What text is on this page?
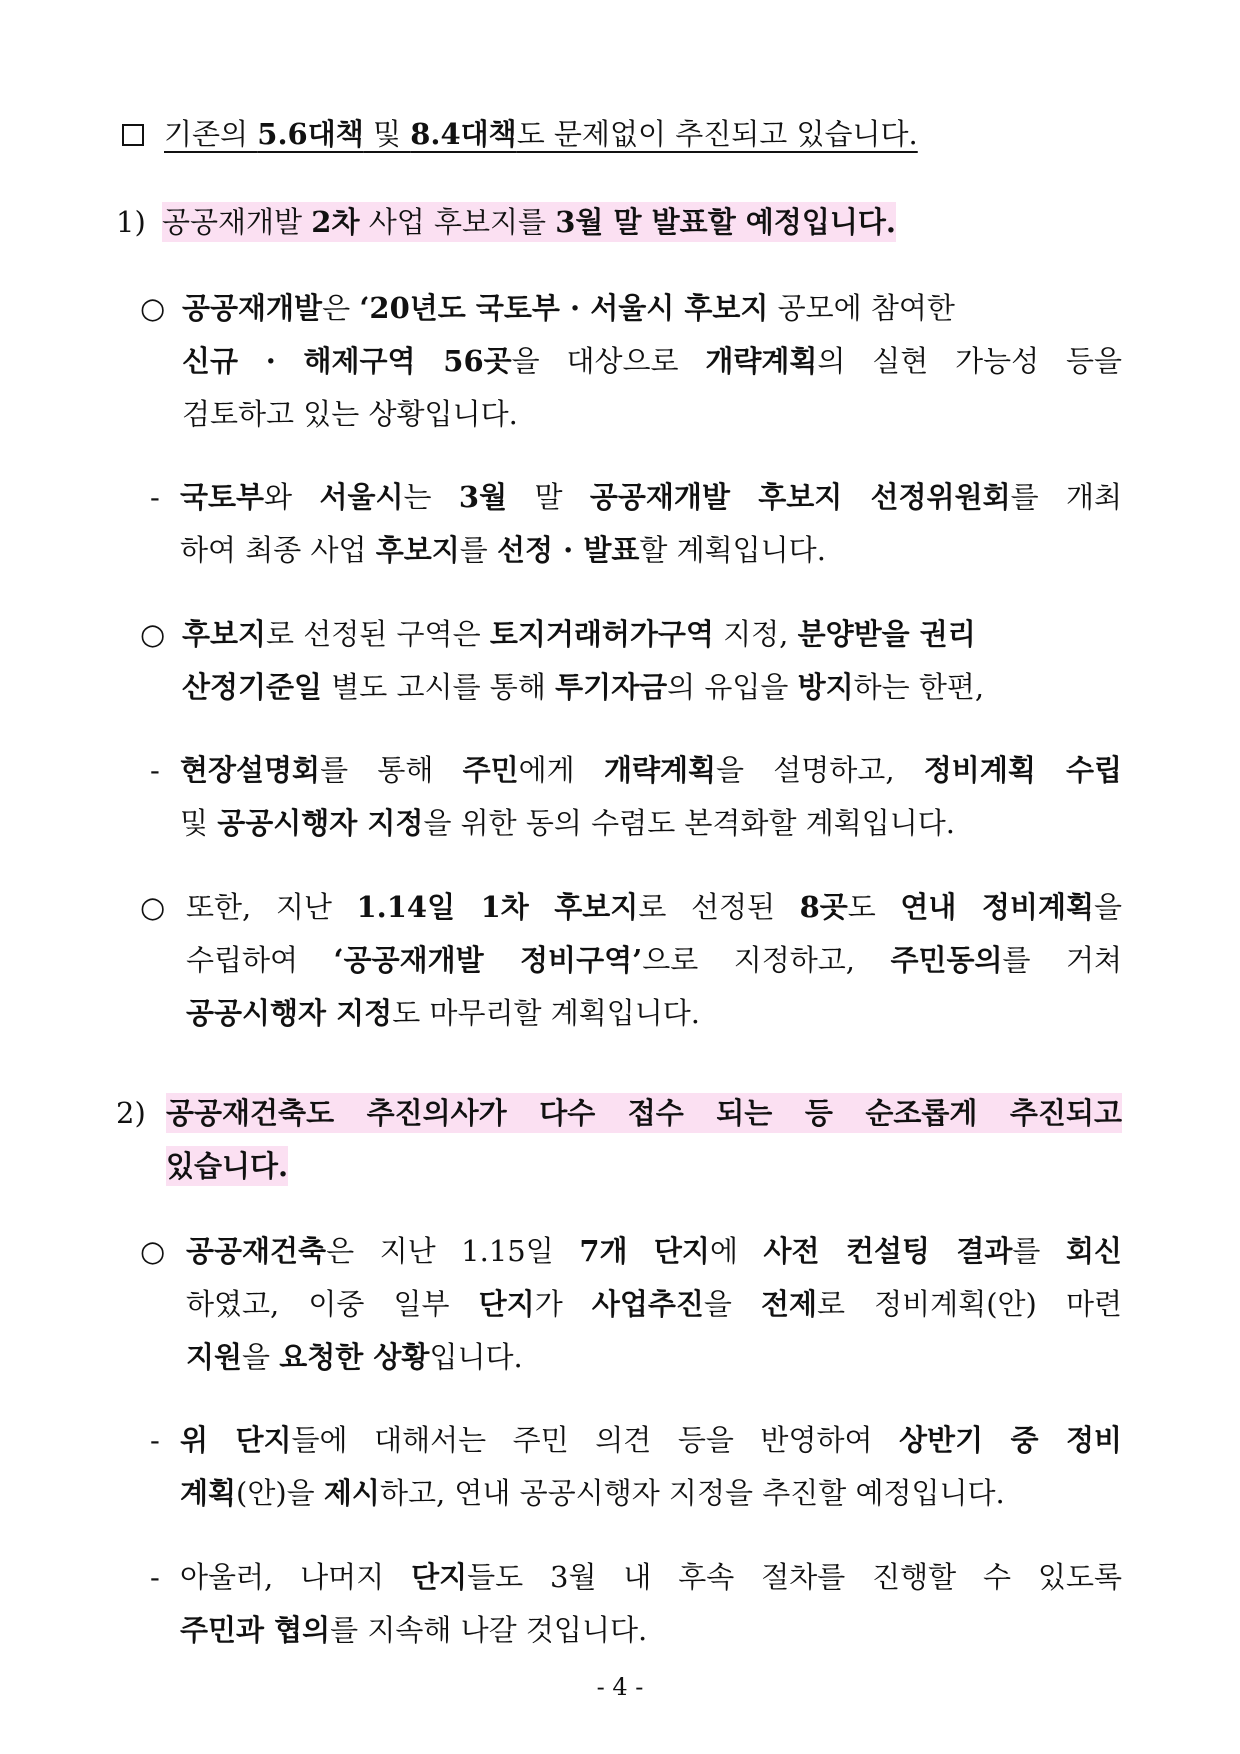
기존의 5.6대책 및 8.4대책도 문제없이 추진되고 있습니다.
1) 공공재개발 2차 사업 후보지를 3월 말 발표할 예정입니다.
○ 공공재개발은 ‘20년도 국토부 · 서울시 후보지 공모에 참여한
신규 · 해제구역 56곳을 대상으로 개략계획의 실현 가능성 등을
검토하고 있는 상황입니다.
- 국토부와 서울시는 3월 말 공공재개발 후보지 선정위원회를 개최
하여 최종 사업 후보지를 선정 · 발표할 계획입니다.
○ 후보지로 선정된 구역은 토지거래허가구역 지정, 분양받을 권리
산정기준일 별도 고시를 통해 투기자금의 유입을 방지하는 한편,
- 현장설명회를 통해 주민에게 개략계획을 설명하고, 정비계획 수립
및 공공시행자 지정을 위한 동의 수렴도 본격화할 계획입니다.
○ 또한, 지난 1.14일 1차 후보지로 선정된 8곳도 연내 정비계획을
수립하여 ‘공공재개발 정비구역’으로 지정하고, 주민동의를 거쳐
공공시행자 지정도 마무리할 계획입니다.
2) 공공재건축도 추진의사가 다수 접수 되는 등 순조롭게 추진되고
있습니다.
○ 공공재건축은 지난 1.15일 7개 단지에 사전 컨설팅 결과를 회신
하였고, 이중 일부 단지가 사업추진을 전제로 정비계획(안) 마련
지원을 요청한 상황입니다.
- 위 단지들에 대해서는 주민 의견 등을 반영하여 상반기 중 정비
계획(안)을 제시하고, 연내 공공시행자 지정을 추진할 예정입니다.
- 아울러, 나머지 단지들도 3월 내 후속 절차를 진행할 수 있도록
주민과 협의를 지속해 나갈 것입니다.
- 4 -
